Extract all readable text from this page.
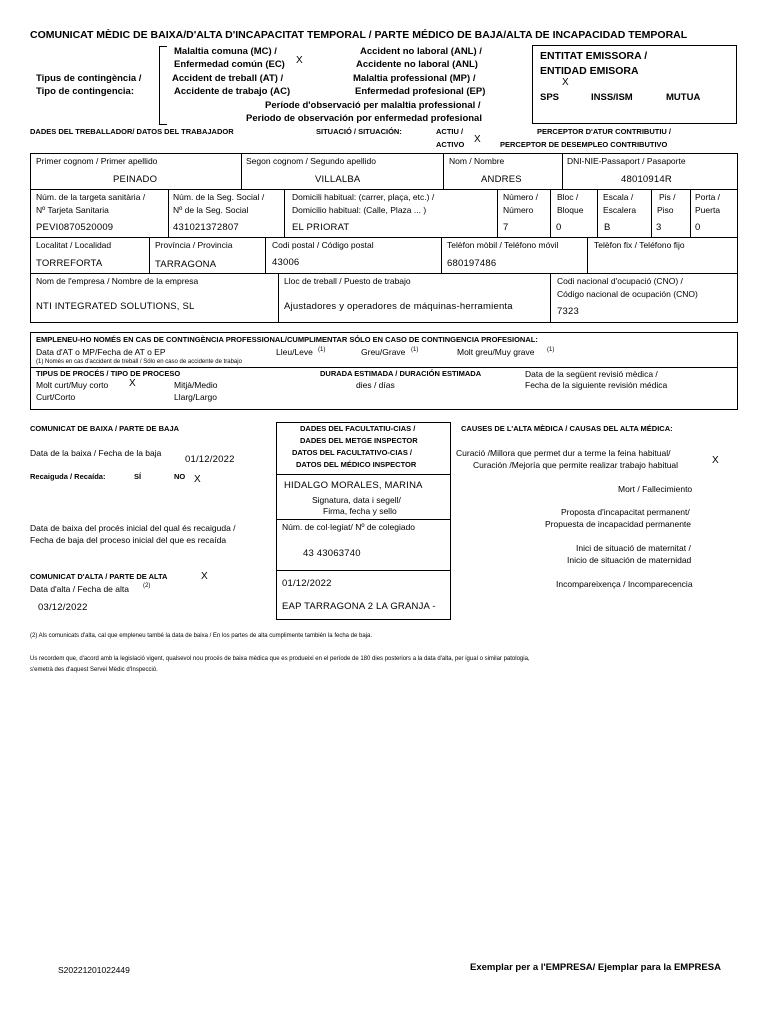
COMUNICAT MÈDIC DE BAIXA/D'ALTA D'INCAPACITAT TEMPORAL / PARTE MÉDICO DE BAJA/ALTA DE INCAPACIDAD TEMPORAL
Tipus de contingència /
Tipo de contingencia:
Malaltia comuna (MC) /
Enfermedad común (EC) X
Accident de treball (AT) /
Accidente de trabajo (AC)
Accident no laboral (ANL) /
Accidente no laboral (ANL)
Malaltia professional (MP) /
Enfermedad profesional (EP)
Període d'observació per malaltia professional /
Periodo de observación por enfermedad profesional
ENTITAT EMISSORA /
ENTIDAD EMISORA
X
SPS	INSS/ISM	MUTUA
DADES DEL TREBALLADOR/ DATOS DEL TRABAJADOR	SITUACIÓ / SITUACIÓN:	ACTIU /
ACTIVO X
PERCEPTOR D'ATUR CONTRIBUTIU /
PERCEPTOR DE DESEMPLEO CONTRIBUTIVO
Primer cognom / Primer apellido
PEINADO
Segon cognom / Segundo apellido
VILLALBA
Nom / Nombre
ANDRES
DNI-NIE-Passaport / Pasaporte
48010914R
Núm. de la targeta sanitària /
Nº Tarjeta Sanitaria
PEVI0870520009
Núm. de la Seg. Social /
Nº de la Seg. Social
431021372807
Domicili habitual: (carrer, plaça, etc.) /
Domicilio habitual: (Calle, Plaza ... )
EL PRIORAT
Número /
Número
7
Bloc /
Bloque
0
Escala /
Escalera
B
Pis /
Piso
3
Porta /
Puerta
0
Localitat / Localidad
TORREFORTA
Província / Provincia
TARRAGONA
Codi postal / Código postal
43006
Telèfon mòbil / Teléfono móvil
680197486
Telèfon fix / Teléfono fijo
Nom de l'empresa / Nombre de la empresa
NTI INTEGRATED SOLUTIONS, SL
Lloc de treball / Puesto de trabajo
Ajustadores y operadores de máquinas-herramienta
Codi nacional d'ocupació (CNO) /
Código nacional de ocupación (CNO)
7323
EMPLENEU-HO NOMÉS EN CAS DE CONTINGÈNCIA PROFESSIONAL/CUMPLIMENTAR SÓLO EN CASO DE CONTINGENCIA PROFESIONAL:
Data d'AT o MP/Fecha de AT o EP	Lleu/Leve (1)	Greu/Grave (1)	Molt greu/Muy grave (1)
(1) Només en cas d'accident de treball / Sólo en caso de accidente de trabajo
TIPUS DE PROCÉS / TIPO DE PROCESO
Molt curt/Muy corto X
Curt/Corto
Mitjà/Medio
Llarg/Largo
DURADA ESTIMADA / DURACIÓN ESTIMADA
dies / días
Data de la següent revisió mèdica /
Fecha de la siguiente revisión médica
COMUNICAT DE BAIXA / PARTE DE BAJA
Data de la baixa / Fecha de la baja
01/12/2022
Recaiguda / Recaída:	SÍ	NO X
Data de baixa del procés inicial del qual és recaiguda /
Fecha de baja del proceso inicial del que es recaída
COMUNICAT D'ALTA / PARTE DE ALTA	X
Data d'alta / Fecha de alta (2)
03/12/2022
DADES DEL FACULTATIU-CIAS /
DADES DEL METGE INSPECTOR
DATOS DEL FACULTATIVO-CIAS /
DATOS DEL MÉDICO INSPECTOR
HIDALGO MORALES, MARINA
Signatura, data i segell/
Firma, fecha y sello
Núm. de col·legiat/ Nº de colegiado
43 43063740
01/12/2022
EAP TARRAGONA 2 LA GRANJA -
CAUSES DE L'ALTA MÈDICA / CAUSAS DEL ALTA MÉDICA:
Curació /Millora que permet dur a terme la feina habitual/
Curación /Mejoría que permite realizar trabajo habitual	X
Mort / Fallecimiento
Proposta d'incapacitat permanent/
Propuesta de incapacidad permanente
Inici de situació de maternitat /
Inicio de situación de maternidad
Incompareixença / Incomparecencia
(2) Als comunicats d'alta, cal que empleneu també la data de baixa / En los partes de alta cumplimente también la fecha de baja.
Us recordem que, d'acord amb la legislació vigent, qualsevol nou procés de baixa mèdica que es produeixi en el període de 180 dies posteriors a la data d'alta, per igual o similar patologia,
s'emetrà des d'aquest Servei Mèdic d'Inspecció.
S20221201022449	Exemplar per a l'EMPRESA/ Ejemplar para la EMPRESA
